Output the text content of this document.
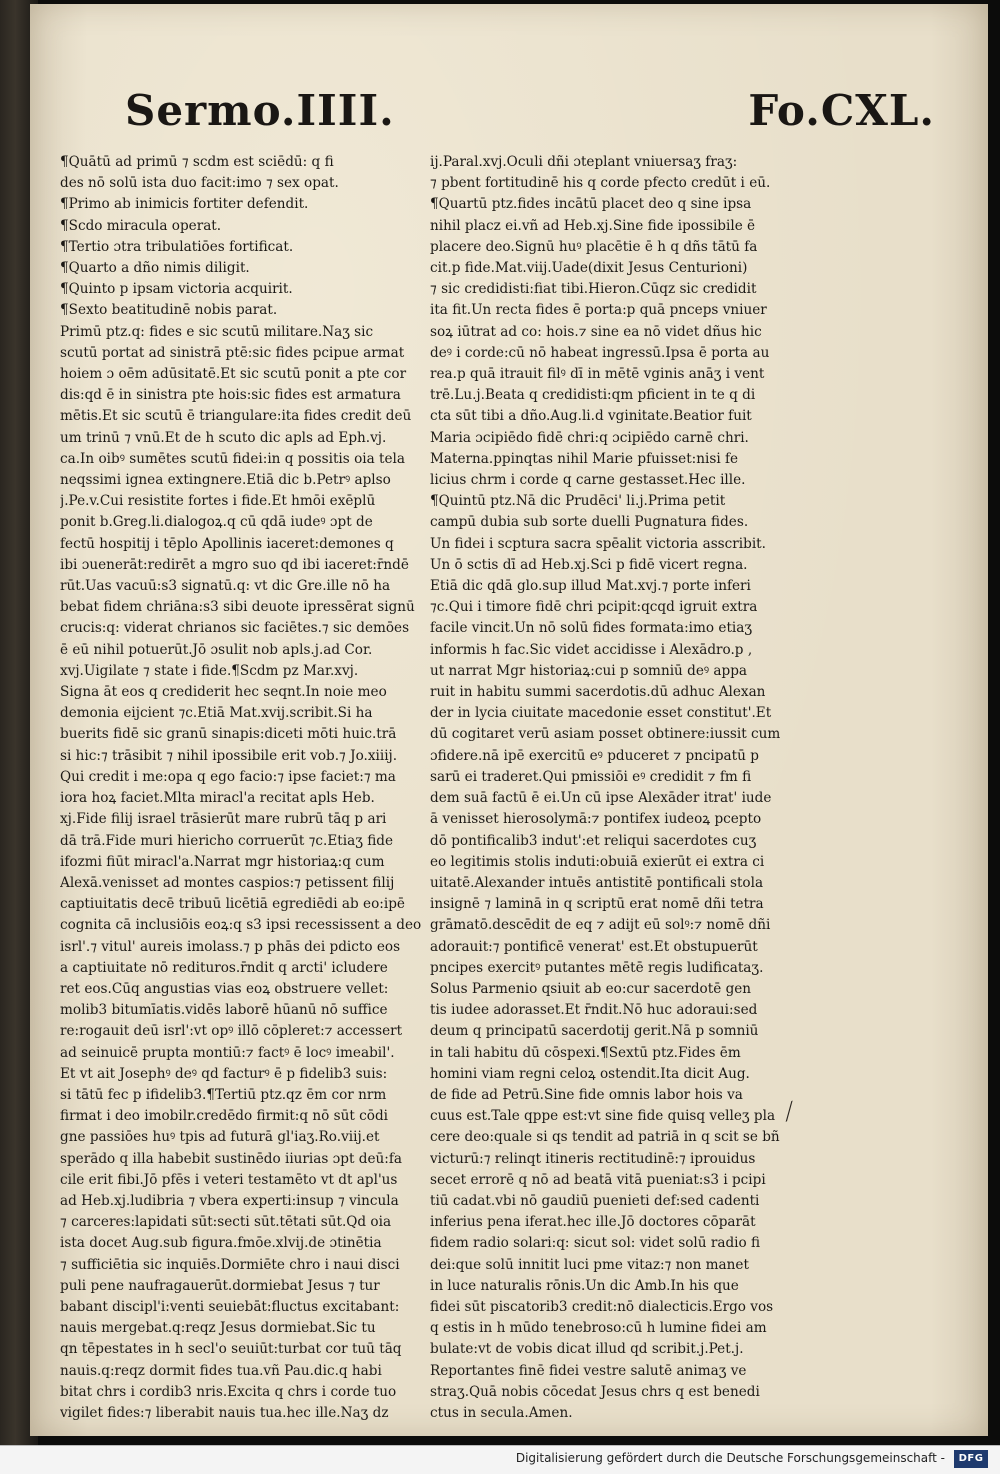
Sermo.IIII.	Fo.CXL.
¶Quātū ad primū ⁊ scdm est sciēdū: q fi
des nō solū ista duo facit:imo ⁊ sex opat.
¶Primo ab inimicis fortiter defendit.
¶Scdo miracula operat.
¶Tertio ɔtra tribulatiōes fortificat.
¶Quarto a dño nimis diligit.
¶Quinto p ipsam victoria acquirit.
¶Sexto beatitudinē nobis parat.
Primū ptz.q: fides e sic scutū militare.Naʒ sic
scutū portat ad sinistrā ptē:sic fides pcipue armat
hoiem ɔ oēm adūsitatē.Et sic scutū ponit a pte cor
dis:qd ē in sinistra pte hois:sic fides est armatura
mētis.Et sic scutū ē triangulare:ita fides credit deū
um trinū ⁊ vnū.Et de h scuto dic apls ad Eph.vj.
ca.In oibꝰ sumētes scutū fidei:in q possitis oia tela
neqssimi ignea extingnere.Etiā dic b.Petrꝰ aplso
j.Pe.v.Cui resistite fortes i fide.Et hmōi exēplū
ponit b.Greg.li.dialogoꝝ.q cū qdā iudeꝰ ɔpt de
fectū hospitij i tēplo Apollinis iaceret:demones q
ibi ɔuenerāt:redirēt a mgro suo qd ibi iaceret:r̄ndē
rūt.Uas vacuū:s3 signatū.q: vt dic Gre.ille nō ha
bebat fidem chriāna:s3 sibi deuote ipressērat signū
crucis:q: viderat chrianos sic faciētes.⁊ sic demōes
ē eū nihil potuerūt.Jō ɔsulit nob apls.j.ad Cor.
xvj.Uigilate ⁊ state i fide.¶Scdm pz Mar.xvj.
Signa āt eos q crediderit hec seqnt.In noie meo
demonia eijcient ⁊c.Etiā Mat.xvij.scribit.Si ha
buerits fidē sic granū sinapis:diceti mōti huic.trā
si hic:⁊ trāsibit ⁊ nihil ipossibile erit vob.⁊ Jo.xiiij.
Qui credit i me:opa q ego facio:⁊ ipse faciet:⁊ ma
iora hoꝝ faciet.Mlta miracl'a recitat apls Heb.
xj.Fide filij israel trāsierūt mare rubrū tāq p ari
dā trā.Fide muri hiericho corruerūt ⁊c.Etiaʒ fide
ifozmi fiūt miracl'a.Narrat mgr historiaꝝ:q cum
Alexā.venisset ad montes caspios:⁊ petissent filij
captiuitatis decē tribuū licētiā egrediēdi ab eo:ipē
cognita cā inclusiōis eoꝝ:q s3 ipsi recessissent a deo
isrl'.⁊ vitul' aureis imolass.⁊ p phās dei pdicto eos
a captiuitate nō redituros.r̄ndit q arcti' icludere
ret eos.Cūq angustias vias eoꝝ obstruere vellet:
molib3 bitumīatis.vidēs laborē hūanū nō suffice
re:rogauit deū isrl':vt opꝰ illō cōpleret:⁊ accessert
ad seinuicē prupta montiū:⁊ factꝰ ē locꝰ imeabil'.
Et vt ait Josephꝰ deꝰ qd facturꝰ ē p fidelib3 suis:
si tātū fec p ifidelib3.¶Tertiū ptz.qz ēm cor nrm
firmat i deo imobilr.credēdo firmit:q nō sūt cōdi
gne passiōes huꝰ tpis ad futurā gl'iaʒ.Ro.viij.et
sperādo q illa habebit sustinēdo iiurias ɔpt deū:fa
cile erit fibi.Jō pfēs i veteri testamēto vt dt apl'us
ad Heb.xj.ludibria ⁊ vbera experti:insup ⁊ vincula
⁊ carceres:lapidati sūt:secti sūt.tētati sūt.Qd oia
ista docet Aug.sub figura.fmōe.xlvij.de ɔtinētia
⁊ sufficiētia sic inquiēs.Dormiēte chro i naui disci
puli pene naufragauerūt.dormiebat Jesus ⁊ tur
babant discipl'i:venti seuiebāt:fluctus excitabant:
nauis mergebat.q:reqz Jesus dormiebat.Sic tu
qn tēpestates in h secl'o seuiūt:turbat cor tuū tāq
nauis.q:reqz dormit fides tua.vñ Pau.dic.q habi
bitat chrs i cordib3 nris.Excita q chrs i corde tuo
vigilet fides:⁊ liberabit nauis tua.hec ille.Naʒ dz
ij.Paral.xvj.Oculi dñi ɔteplant vniuersaʒ fraʒ:
⁊ pbent fortitudinē his q corde pfecto credūt i eū.
¶Quartū ptz.fides incātū placet deo q sine ipsa
nihil placz ei.vñ ad Heb.xj.Sine fide ipossibile ē
placere deo.Signū huꝰ placētie ē h q dñs tātū fa
cit.p fide.Mat.viij.Uade(dixit Jesus Centurioni)
⁊ sic credidisti:fiat tibi.Hieron.Cūqz sic credidit
ita fit.Un recta fides ē porta:p quā pnceps vniuer
soꝝ iūtrat ad co: hois.⁊ sine ea nō videt dñus hic
deꝰ i corde:cū nō habeat ingressū.Ipsa ē porta au
rea.p quā itrauit filꝰ dī in mētē vginis anāʒ i vent
trē.Lu.j.Beata q credidisti:qm pficient in te q di
cta sūt tibi a dño.Aug.li.d vginitate.Beatior fuit
Maria ɔcipiēdo fidē chri:q ɔcipiēdo carnē chri.
Materna.ppinqtas nihil Marie pfuisset:nisi fe
licius chrm i corde q carne gestasset.Hec ille.
¶Quintū ptz.Nā dic Prudēci' li.j.Prima petit
campū dubia sub sorte duelli Pugnatura fides.
Un fidei i scptura sacra spēalit victoria asscribit.
Un ō sctis dī ad Heb.xj.Sci p fidē vicert regna.
Etiā dic qdā glo.sup illud Mat.xvj.⁊ porte inferi
⁊c.Qui i timore fidē chri pcipit:qcqd igruit extra
facile vincit.Un nō solū fides formata:imo etiaʒ
informis h fac.Sic videt accidisse i Alexādro.p ,
ut narrat Mgr historiaꝝ:cui p somniū deꝰ appa
ruit in habitu summi sacerdotis.dū adhuc Alexan
der in lycia ciuitate macedonie esset constitut'.Et
dū cogitaret verū asiam posset obtinere:iussit cum
ɔfidere.nā ipē exercitū eꝰ pduceret ⁊ pncipatū p
sarū ei traderet.Qui pmissiōi eꝰ credidit ⁊ fm fi
dem suā factū ē ei.Un cū ipse Alexāder itrat' iude
ā venisset hierosolymā:⁊ pontifex iudeoꝝ pcepto
dō pontificalib3 indut':et reliqui sacerdotes cuʒ
eo legitimis stolis induti:obuiā exierūt ei extra ci
uitatē.Alexander intuēs antistitē pontificali stola
insignē ⁊ laminā in q scriptū erat nomē dñi tetra
grāmatō.descēdit de eq ⁊ adijt eū solꝰ:⁊ nomē dñi
adorauit:⁊ pontificē venerat' est.Et obstupuerūt
pncipes exercitꝰ putantes mētē regis ludificataʒ.
Solus Parmenio qsiuit ab eo:cur sacerdotē gen
tis iudee adorasset.Et r̄ndit.Nō huc adoraui:sed
deum q principatū sacerdotij gerit.Nā p somniū
in tali habitu dū cōspexi.¶Sextū ptz.Fides ēm
homini viam regni celoꝝ ostendit.Ita dicit Aug.
de fide ad Petrū.Sine fide omnis labor hois va
cuus est.Tale qppe est:vt sine fide quisq velleʒ pla
cere deo:quale si qs tendit ad patriā in q scit se bñ
victurū:⁊ relinqt itineris rectitudinē:⁊ iprouidus
secet errorē q nō ad beatā vitā pueniat:s3 i pcipi
tiū cadat.vbi nō gaudiū puenieti def:sed cadenti
inferius pena iferat.hec ille.Jō doctores cōparāt
fidem radio solari:q: sicut sol: videt solū radio fi
dei:que solū innitit luci pme vitaz:⁊ non manet
in luce naturalis rōnis.Un dic Amb.In his que
fidei sūt piscatorib3 credit:nō dialecticis.Ergo vos
q estis in h mūdo tenebroso:cū h lumine fidei am
bulate:vt de vobis dicat illud qd scribit.j.Pet.j.
Reportantes finē fidei vestre salutē animaʒ ve
straʒ.Quā nobis cōcedat Jesus chrs q est benedi
ctus in secula.Amen.
⟋
Digitalisierung gefördert durch die Deutsche Forschungsgemeinschaft -	DFG
